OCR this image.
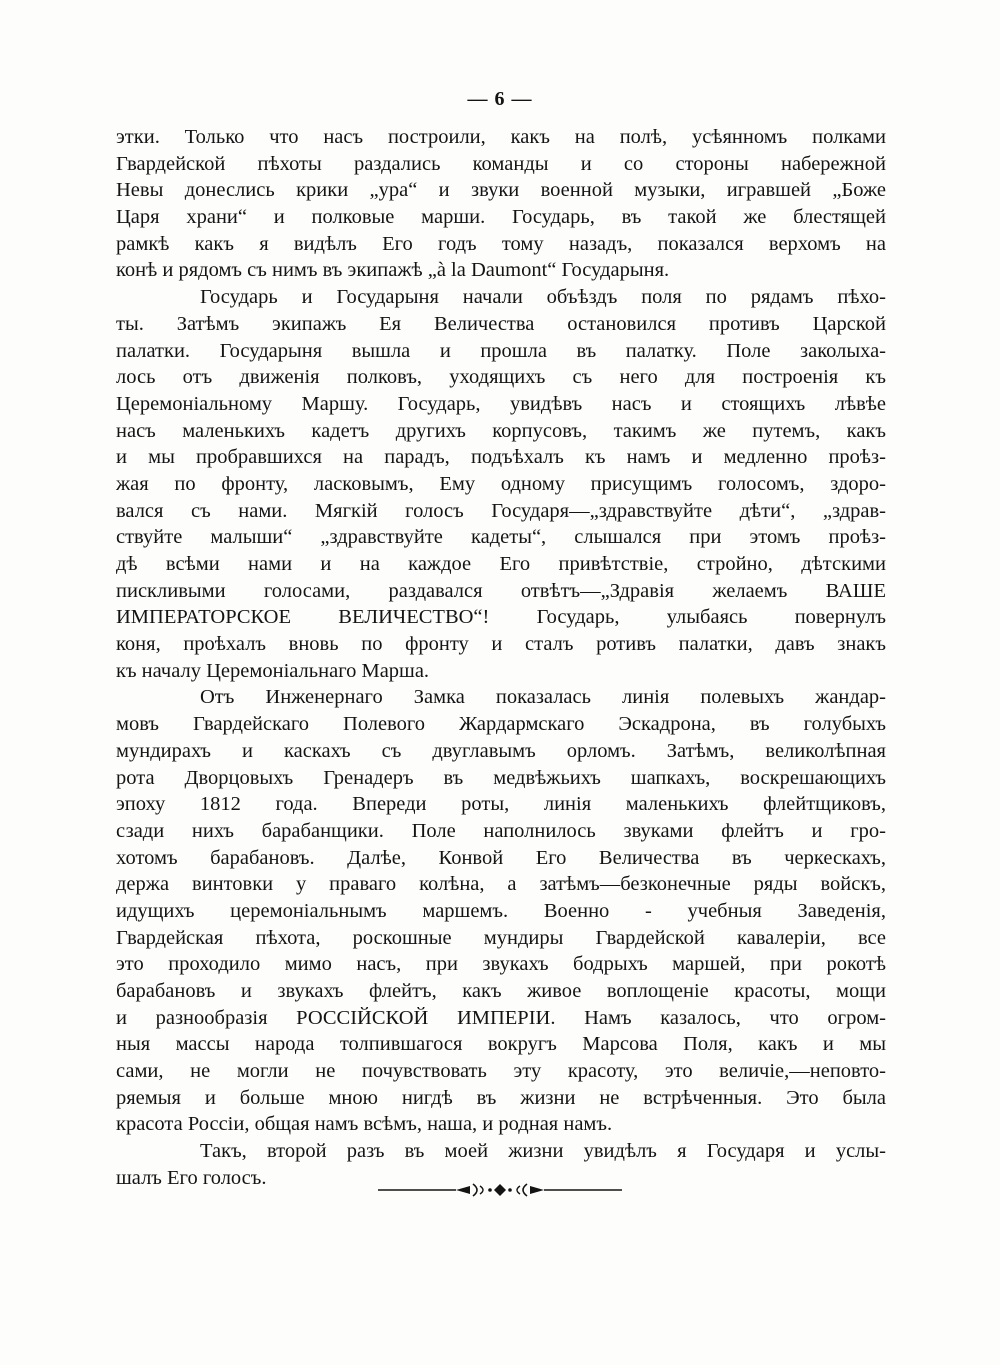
— 6 —
этки. Только что насъ построили, какъ на полѣ, усѣянномъ полками
Гвардейской пѣхоты раздались команды и со стороны набережной
Невы донеслись крики „ура“ и звуки военной музыки, игравшей „Боже
Царя храни“ и полковые марши. Государь, въ такой же блестящей
рамкѣ какъ я видѣлъ Его годъ тому назадъ, показался верхомъ на
конѣ и рядомъ съ нимъ въ экипажѣ „à la Daumont“ Государыня.
Государь и Государыня начали объѣздъ поля по рядамъ пѣхо-
ты. Затѣмъ экипажъ Ея Величества остановился противъ Царской
палатки. Государыня вышла и прошла въ палатку. Поле заколыха-
лось отъ движенія полковъ, уходящихъ съ него для построенія къ
Церемоніальному Маршу. Государь, увидѣвъ насъ и стоящихъ лѣвѣе
насъ маленькихъ кадетъ другихъ корпусовъ, такимъ же путемъ, какъ
и мы пробравшихся на парадъ, подъѣхалъ къ намъ и медленно проѣз-
жая по фронту, ласковымъ, Ему одному присущимъ голосомъ, здоро-
вался съ нами. Мягкій голосъ Государя—„здравствуйте дѣти“, „здрав-
ствуйте малыши“ „здравствуйте кадеты“, слышался при этомъ проѣз-
дѣ всѣми нами и на каждое Его привѣтствіе, стройно, дѣтскими
пискливыми голосами, раздавался отвѣтъ—„Здравія желаемъ ВАШЕ
ИМПЕРАТОРСКОЕ ВЕЛИЧЕСТВО“! Государь, улыбаясь повернулъ
коня, проѣхалъ вновь по фронту и сталъ ротивъ палатки, давъ знакъ
къ началу Церемоніальнаго Марша.
Отъ Инженернаго Замка показалась линія полевыхъ жандар-
мовъ Гвардейскаго Полевого Жардармскаго Эскадрона, въ голубыхъ
мундирахъ и каскахъ съ двуглавымъ орломъ. Затѣмъ, великолѣпная
рота Дворцовыхъ Гренадеръ въ медвѣжьихъ шапкахъ, воскрешающихъ
эпоху 1812 года. Впереди роты, линія маленькихъ флейтщиковъ,
сзади нихъ барабанщики. Поле наполнилось звуками флейтъ и гро-
хотомъ барабановъ. Далѣе, Конвой Его Величества въ черкескахъ,
держа винтовки у праваго колѣна, а затѣмъ—безконечные ряды войскъ,
идущихъ церемоніальнымъ маршемъ. Военно - учебныя Заведенія,
Гвардейская пѣхота, роскошные мундиры Гвардейской кавалеріи, все
это проходило мимо насъ, при звукахъ бодрыхъ маршей, при рокотѣ
барабановъ и звукахъ флейтъ, какъ живое воплощеніе красоты, мощи
и разнообразія РОССІЙСКОЙ ИМПЕРІИ. Намъ казалось, что огром-
ныя массы народа толпившагося вокругъ Марсова Поля, какъ и мы
сами, не могли не почувствовать эту красоту, это величіе,—неповто-
ряемыя и больше мною нигдѣ въ жизни не встрѣченныя. Это была
красота Россіи, общая намъ всѣмъ, наша, и родная намъ.
Такъ, второй разъ въ моей жизни увидѣлъ я Государя и услы-
шалъ Его голосъ.
